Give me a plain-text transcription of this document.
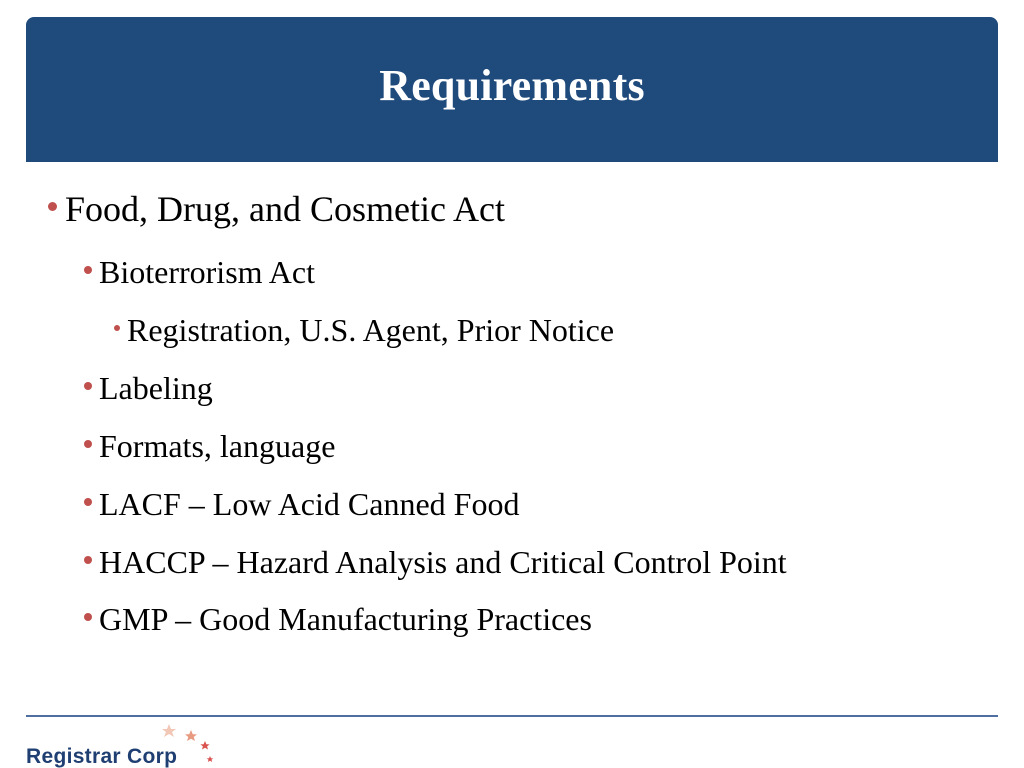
Requirements
Food, Drug, and Cosmetic Act
Bioterrorism Act
Registration, U.S. Agent, Prior Notice
Labeling
Formats, language
LACF – Low Acid Canned Food
HACCP – Hazard Analysis and Critical Control Point
GMP – Good Manufacturing Practices
Registrar Corp
